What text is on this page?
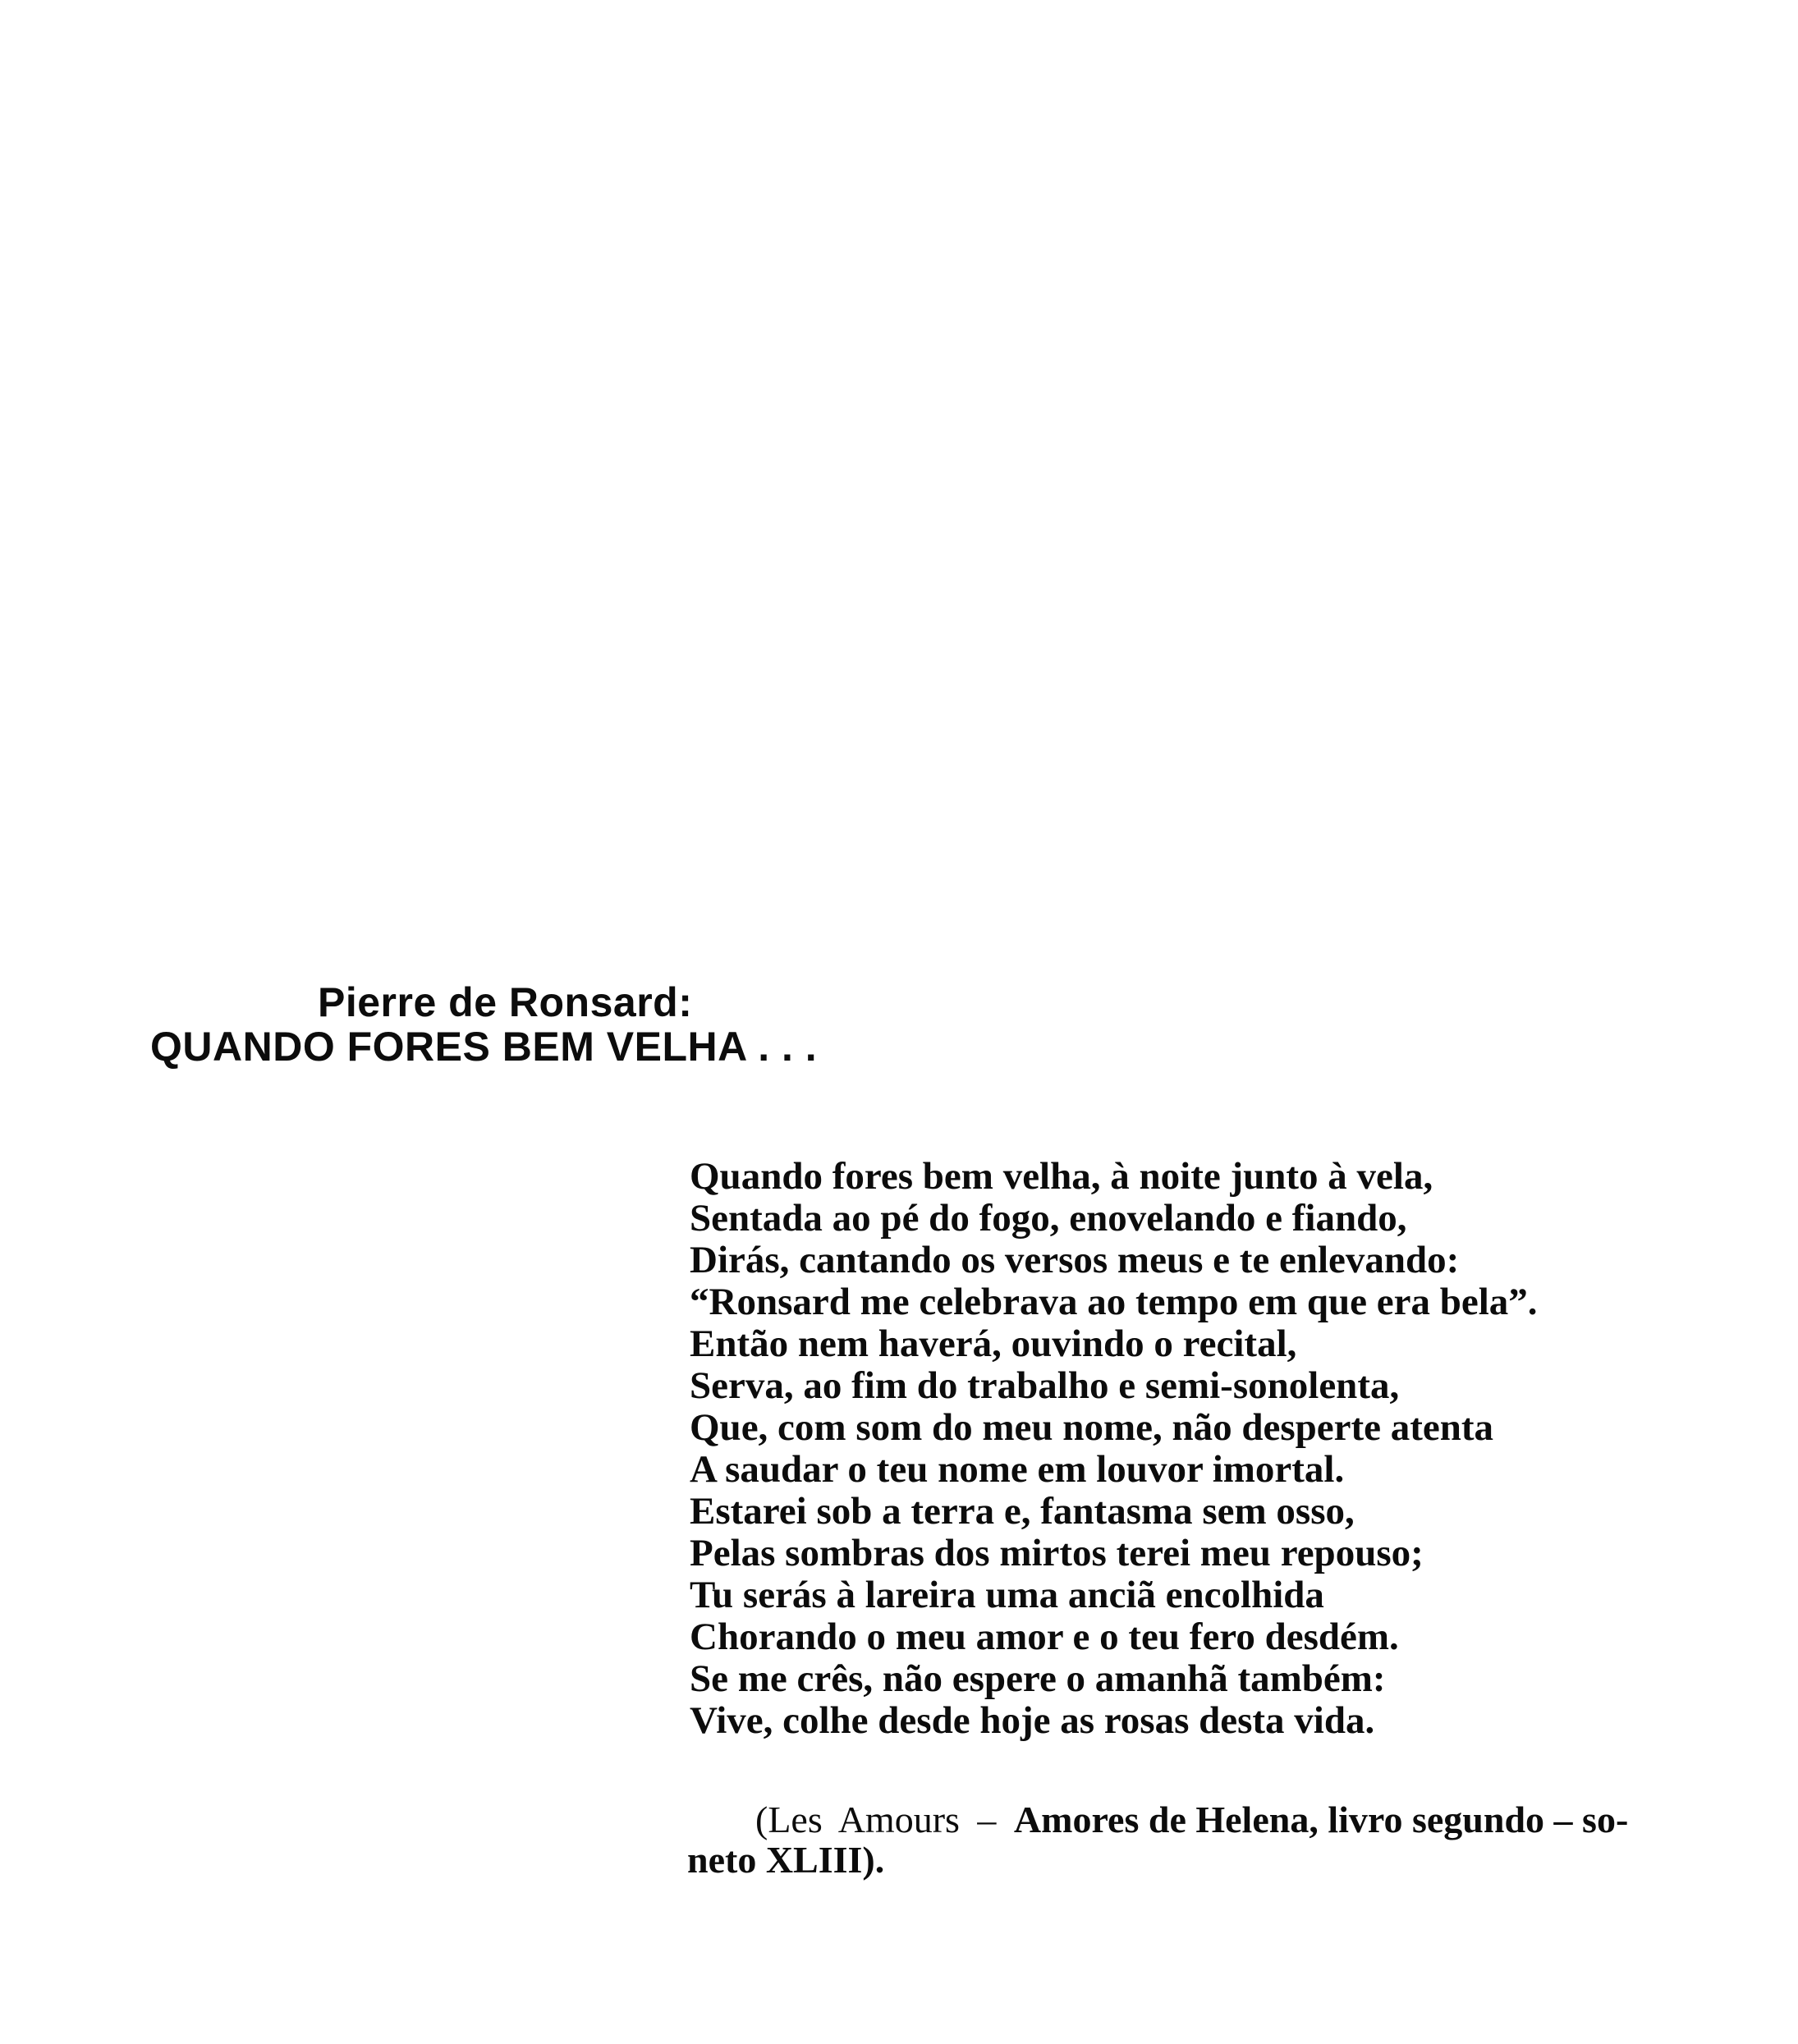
Pierre de Ronsard:
QUANDO FORES BEM VELHA . . .
Quando fores bem velha, à noite junto à vela,
Sentada ao pé do fogo, enovelando e fiando,
Dirás, cantando os versos meus e te enlevando:
“Ronsard me celebrava ao tempo em que era bela”.
Então nem haverá, ouvindo o recital,
Serva, ao fim do trabalho e semi-sonolenta,
Que, com som do meu nome, não desperte atenta
A saudar o teu nome em louvor imortal.
Estarei sob a terra e, fantasma sem osso,
Pelas sombras dos mirtos terei meu repouso;
Tu serás à lareira uma anciã encolhida
Chorando o meu amor e o teu fero desdém.
Se me crês, não espere o amanhã também:
Vive, colhe desde hoje as rosas desta vida.
(Les Amours – Amores de Helena, livro segundo – so-
neto XLIII).
